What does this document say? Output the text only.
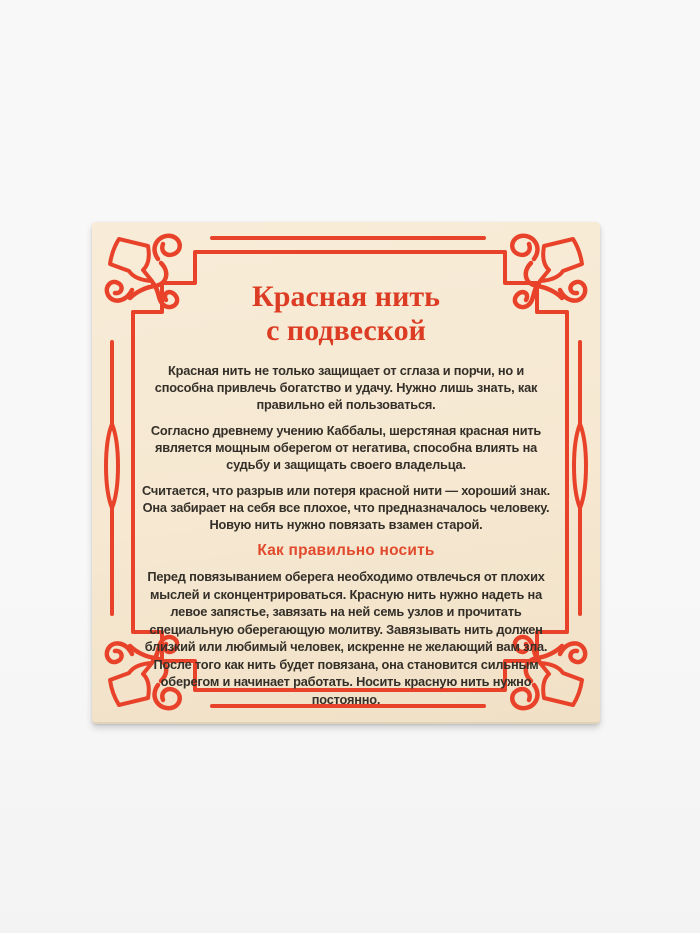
Красная нить
с подвеской

Красная нить не только защищает от сглаза и порчи, но и способна привлечь богатство и удачу. Нужно лишь знать, как правильно ей пользоваться.

Согласно древнему учению Каббалы, шерстяная красная нить является мощным оберегом от негатива, способна влиять на судьбу и защищать своего владельца.

Считается, что разрыв или потеря красной нити — хороший знак. Она забирает на себя все плохое, что предназначалось человеку. Новую нить нужно повязать взамен старой.

Как правильно носить

Перед повязыванием оберега необходимо отвлечься от плохих мыслей и сконцентрироваться. Красную нить нужно надеть на левое запястье, завязать на ней семь узлов и прочитать специальную оберегающую молитву. Завязывать нить должен близкий или любимый человек, искренне не желающий вам зла. После того как нить будет повязана, она становится сильным оберегом и начинает работать. Носить красную нить нужно постоянно.
